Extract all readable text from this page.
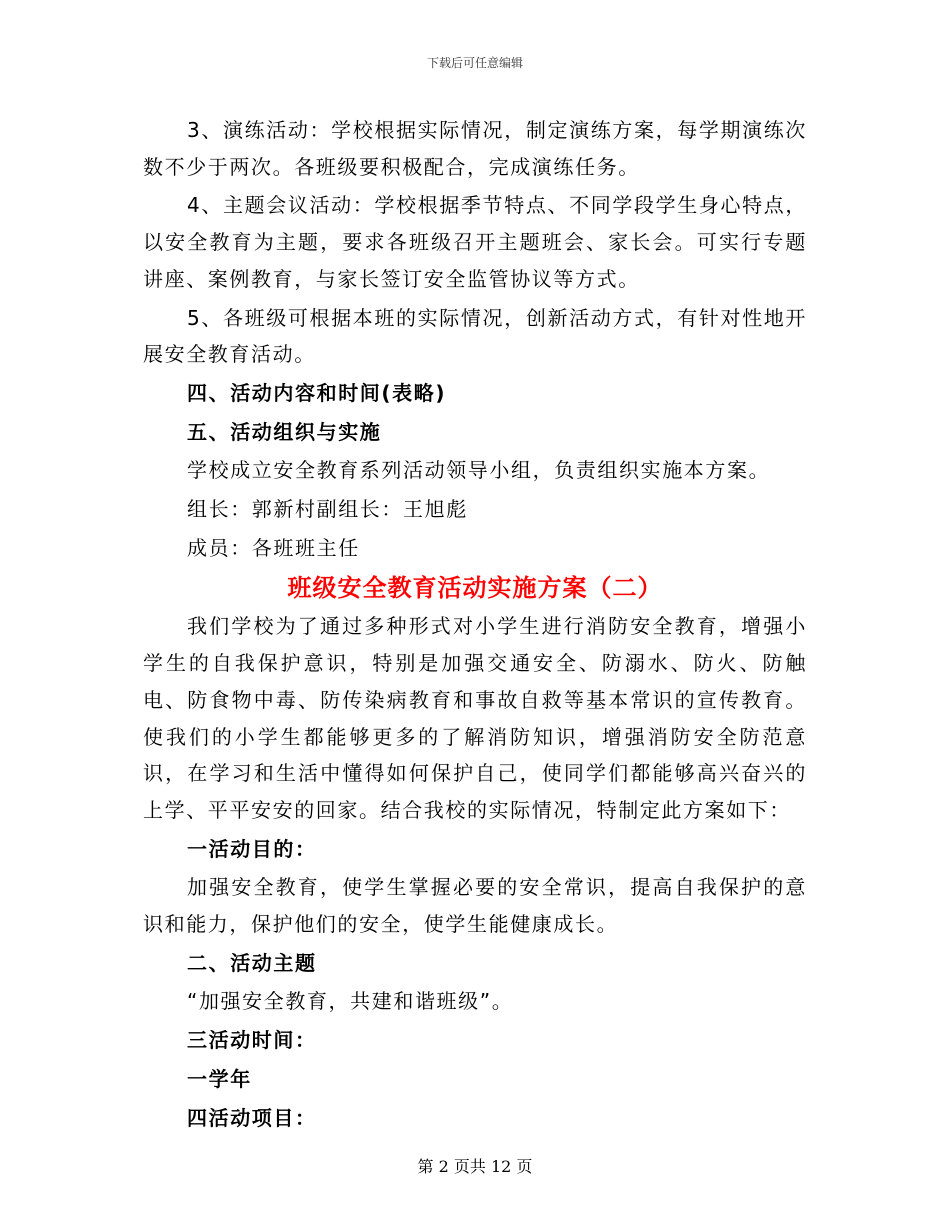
下载后可任意编辑

3、演练活动：学校根据实际情况，制定演练方案，每学期演练次数不少于两次。各班级要积极配合，完成演练任务。

4、主题会议活动：学校根据季节特点、不同学段学生身心特点，以安全教育为主题，要求各班级召开主题班会、家长会。可实行专题讲座、案例教育，与家长签订安全监管协议等方式。

5、各班级可根据本班的实际情况，创新活动方式，有针对性地开展安全教育活动。

四、活动内容和时间(表略)

五、活动组织与实施

学校成立安全教育系列活动领导小组，负责组织实施本方案。

组长：郭新村副组长：王旭彪

成员：各班班主任

班级安全教育活动实施方案（二）

我们学校为了通过多种形式对小学生进行消防安全教育，增强小学生的自我保护意识，特别是加强交通安全、防溺水、防火、防触电、防食物中毒、防传染病教育和事故自救等基本常识的宣传教育。使我们的小学生都能够更多的了解消防知识，增强消防安全防范意识，在学习和生活中懂得如何保护自己，使同学们都能够高兴奋兴的上学、平平安安的回家。结合我校的实际情况，特制定此方案如下：

一活动目的：

加强安全教育，使学生掌握必要的安全常识，提高自我保护的意识和能力，保护他们的安全，使学生能健康成长。

二、活动主题

“加强安全教育，共建和谐班级”。

三活动时间：

一学年

四活动项目：

第 2 页共 12 页
